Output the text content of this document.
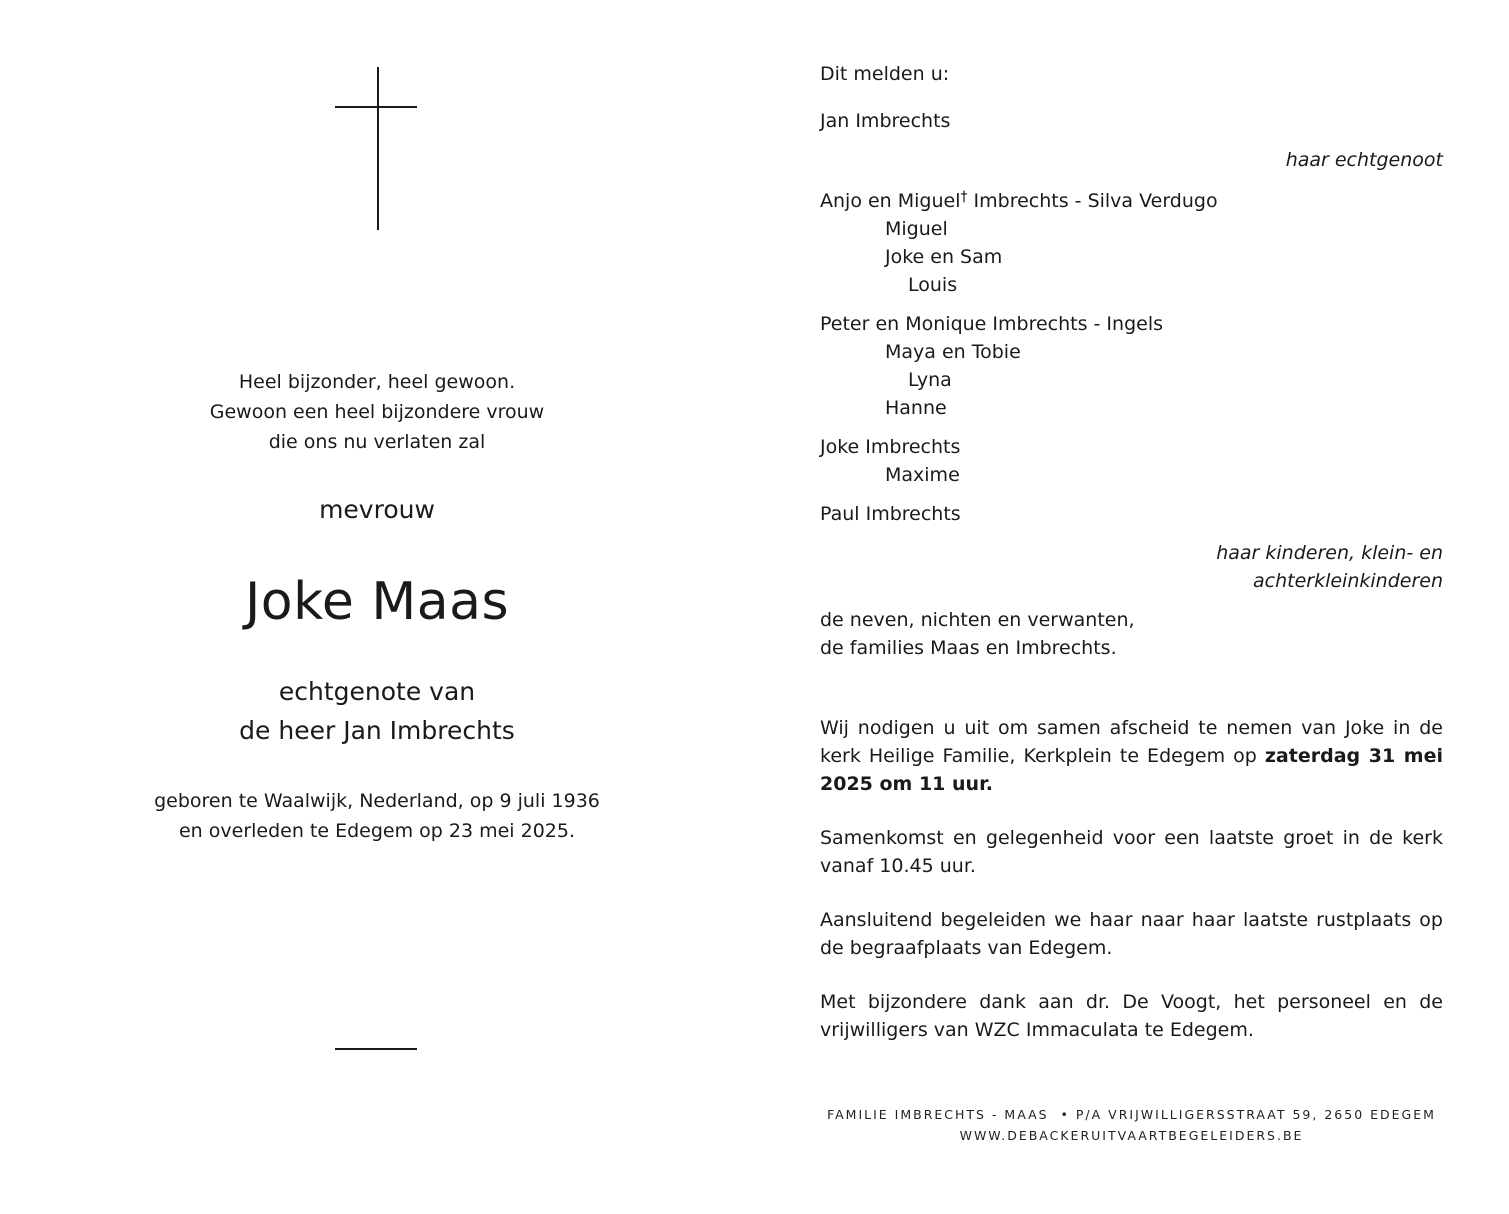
Heel bijzonder, heel gewoon.
Gewoon een heel bijzondere vrouw
die ons nu verlaten zal
mevrouw
Joke Maas
echtgenote van
de heer Jan Imbrechts
geboren te Waalwijk, Nederland, op 9 juli 1936
en overleden te Edegem op 23 mei 2025.
Dit melden u:
Jan Imbrechts
haar echtgenoot
Anjo en Miguel† Imbrechts - Silva Verdugo
Miguel
Joke en Sam
Louis
Peter en Monique Imbrechts - Ingels
Maya en Tobie
Lyna
Hanne
Joke Imbrechts
Maxime
Paul Imbrechts
haar kinderen, klein- en
achterkleinkinderen
de neven, nichten en verwanten,
de families Maas en Imbrechts.

Wij nodigen u uit om samen afscheid te nemen van Joke in de kerk Heilige Familie, Kerkplein te Edegem op zaterdag 31 mei 2025 om 11 uur.

Samenkomst en gelegenheid voor een laatste groet in de kerk vanaf 10.45 uur.

Aansluitend begeleiden we haar naar haar laatste rustplaats op de begraafplaats van Edegem.

Met bijzondere dank aan dr. De Voogt, het personeel en de vrijwilligers van WZC Immaculata te Edegem.

FAMILIE IMBRECHTS - MAAS  • P/A VRIJWILLIGERSSTRAAT 59, 2650 EDEGEM
WWW.DEBACKERUITVAARTBEGELEIDERS.BE
